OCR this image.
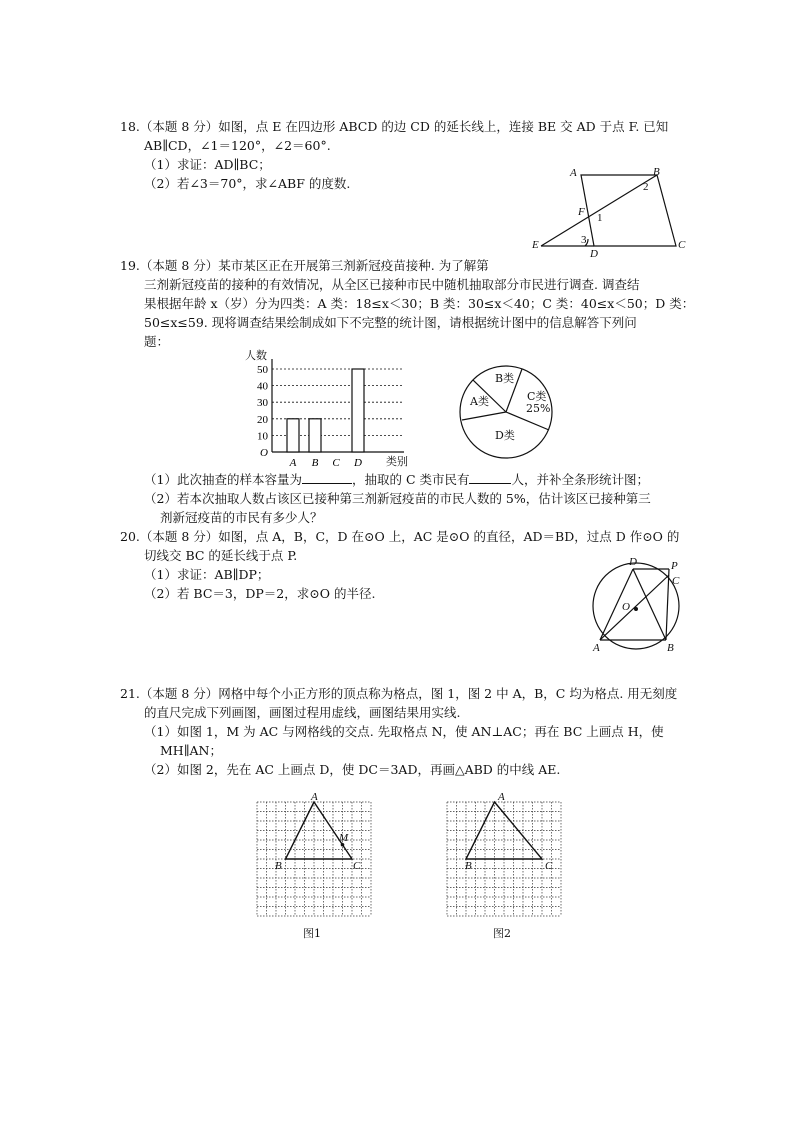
18.（本题 8 分）如图，点 E 在四边形 ABCD 的边 CD 的延长线上，连接 BE 交 AD 于点 F. 已知
AB∥CD，∠1＝120°，∠2＝60°.
（1）求证：AD∥BC；
（2）若∠3＝70°，求∠ABF 的度数.
A	B
C
D
E
F 1
2
3
19.（本题 8 分）某市某区正在开展第三剂新冠疫苗接种. 为了解第
三剂新冠疫苗的接种的有效情况，从全区已接种市民中随机抽取部分市民进行调查. 调查结
果根据年龄 x（岁）分为四类：A 类：18≤x＜30；B 类：30≤x＜40；C 类：40≤x＜50；D 类：
50≤x≤59. 现将调查结果绘制成如下不完整的统计图，请根据统计图中的信息解答下列问
题：
O
10
20
30
40
50
A B C D
人数
类别
B类
A类	C类
25%
D类
（1）此次抽查的样本容量为	，抽取的 C 类市民有	人，并补全条形统计图；
（2）若本次抽取人数占该区已接种第三剂新冠疫苗的市民人数的 5%，估计该区已接种第三
剂新冠疫苗的市民有多少人？
20.（本题 8 分）如图，点 A，B，C，D 在⊙O 上，AC 是⊙O 的直径，AD＝BD，过点 D 作⊙O 的
切线交 BC 的延长线于点 P.
（1）求证：AB∥DP；
（2）若 BC＝3，DP＝2，求⊙O 的半径.
D	P
C
O
A	B
21.（本题 8 分）网格中每个小正方形的顶点称为格点，图 1，图 2 中 A，B，C 均为格点. 用无刻度
的直尺完成下列画图，画图过程用虚线，画图结果用实线.
（1）如图 1，M 为 AC 与网格线的交点. 先取格点 N，使 AN⊥AC；再在 BC 上画点 H，使
MH∥AN；
（2）如图 2，先在 AC 上画点 D，使 DC＝3AD，再画△ABD 的中线 AE.
A
B	C
M
A
B	C
图1	图2
